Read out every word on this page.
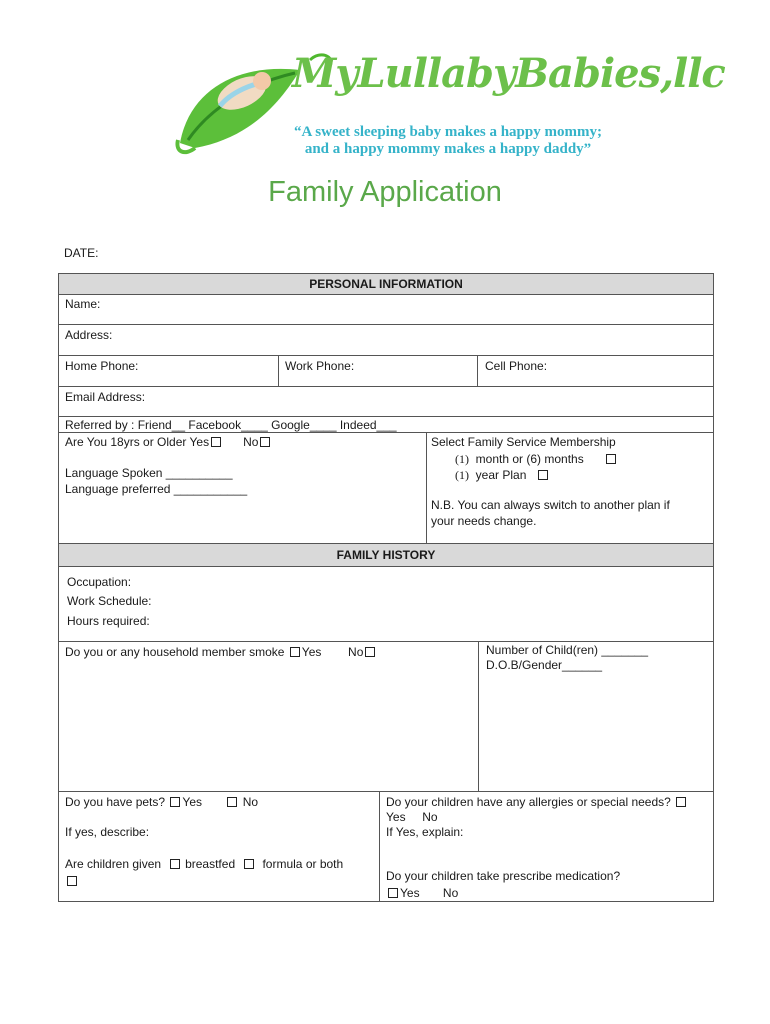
MyLullabyBabies,llc
“A sweet sleeping baby makes a happy mommy;
and a happy mommy makes a happy daddy”
Family Application
DATE:
PERSONAL INFORMATION
Name:
Address:
Home Phone:	Work Phone:	Cell Phone:
Email Address:
Referred by : Friend__ Facebook____ Google____ Indeed___
Are You 18yrs or Older Yes	No
Language Spoken __________
Language preferred ___________
Select Family Service Membership
(1) month or (6) months
(1) year Plan
N.B. You can always switch to another plan if
your needs change.
FAMILY HISTORY
Occupation:
Work Schedule:
Hours required:
Do you or any household member smoke Yes No	Number of Child(ren) _______
D.O.B/Gender______
Do you have pets? Yes	No
If yes, describe:
Are children given breastfed formula or both
Do your children have any allergies or special needs?
Yes No
If Yes, explain:
Do your children take prescribe medication?
Yes No
